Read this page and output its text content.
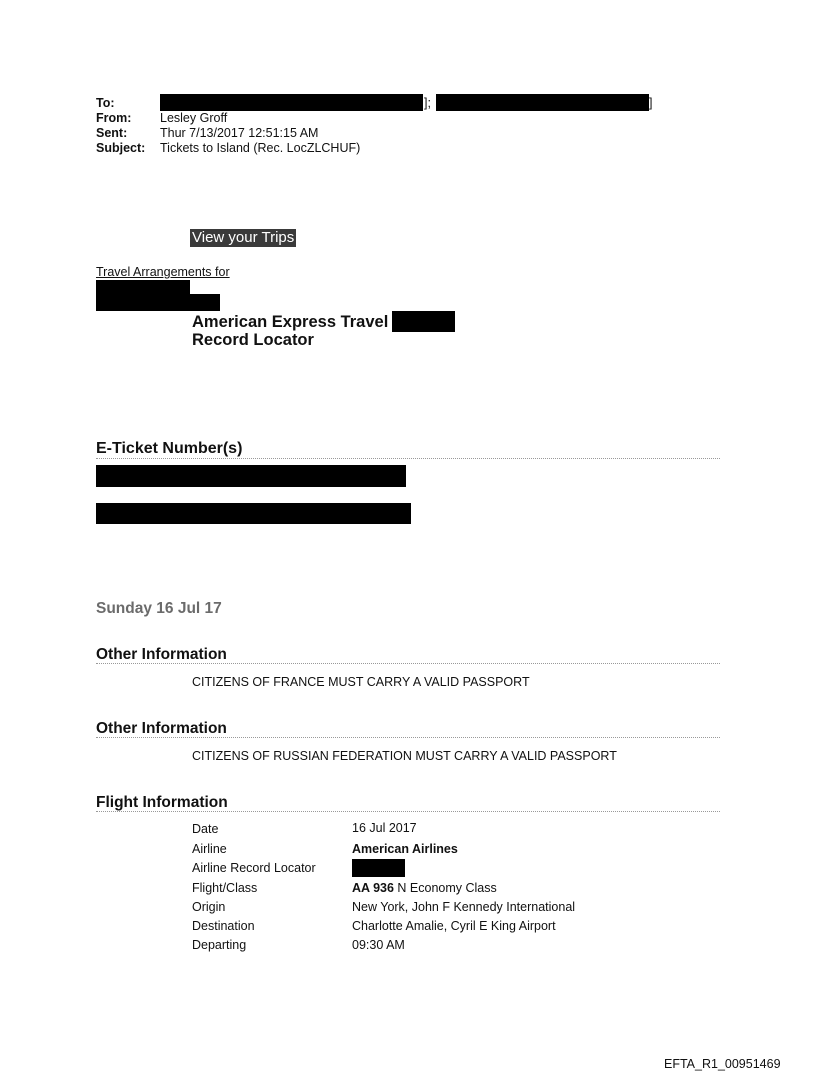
To:
From: Lesley Groff
Sent:	Thur 7/13/2017 12:51:15 AM
Subject: Tickets to Island (Rec. LocZLCHUF)
];	]
View your Trips
Travel Arrangements for
American Express Travel
Record Locator
E-Ticket Number(s)
Sunday 16 Jul 17
Other Information
CITIZENS OF FRANCE MUST CARRY A VALID PASSPORT
Other Information
CITIZENS OF RUSSIAN FEDERATION MUST CARRY A VALID PASSPORT
Flight Information
Date	16 Jul 2017
Airline	American Airlines
Airline Record Locator
Flight/Class	AA 936 N Economy Class
Origin	New York, John F Kennedy International
Destination	Charlotte Amalie, Cyril E King Airport
Departing	09:30 AM
EFTA_R1_00951469
